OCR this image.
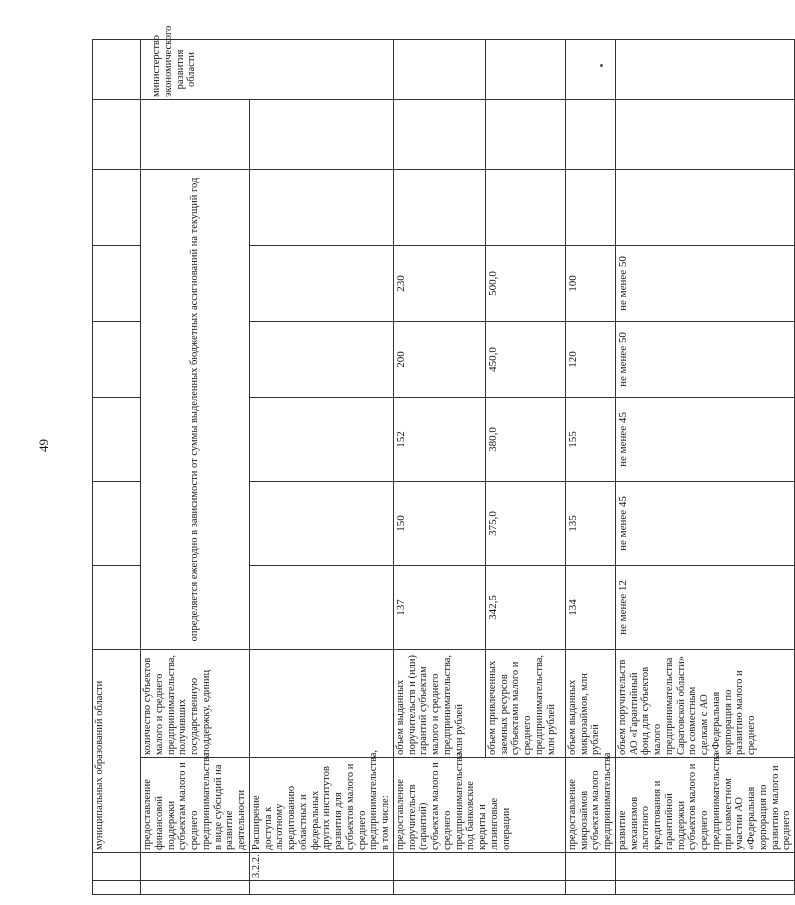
49
		муниципальных образований области									
		предоставление финансовой поддержки субъектам малого и среднего предпринимательства в виде субсидий на развитие деятельности	количество субъектов малого и среднего предпринимательства, получивших государственную поддержку, единиц	определяется ежегодно в зависимости от суммы выделенных бюджетных ассигнований на текущий год							министерство экономического развития области
	3.2.2.	Расширение доступа к льготному кредитованию областных и федеральных других институтов развития для субъектов малого и среднего предпринимательства, в том числе:									
		предоставление поручительств (гарантий) субъектам малого и среднего предпринимательства под банковские кредиты и лизинговые операции	объем выданных поручительств и (или) гарантий субъектам малого и среднего предпринимательства, млн рублей	137	150	152	200	230			
			объем привлеченных заемных ресурсов субъектами малого и среднего предпринимательства, млн рублей	342,5	375,0	380,0	450,0	500,0			
		предоставление микрозаймов субъектам малого предпринимательства	объем выданных микрозаймов, млн рублей	134	135	155	120	100			
		развитие механизмов льготного кредитования и гарантийной поддержки субъектов малого и среднего предпринимательства при совместном участии АО «Федеральная корпорация по развитию малого и среднего	объем поручительств АО «Гарантийный фонд для субъектов малого предпринимательства Саратовской области» по совместным сделкам с АО «Федеральная корпорация по развитию малого и среднего	не менее 12	не менее 45	не менее 45	не менее 50	не менее 50			
